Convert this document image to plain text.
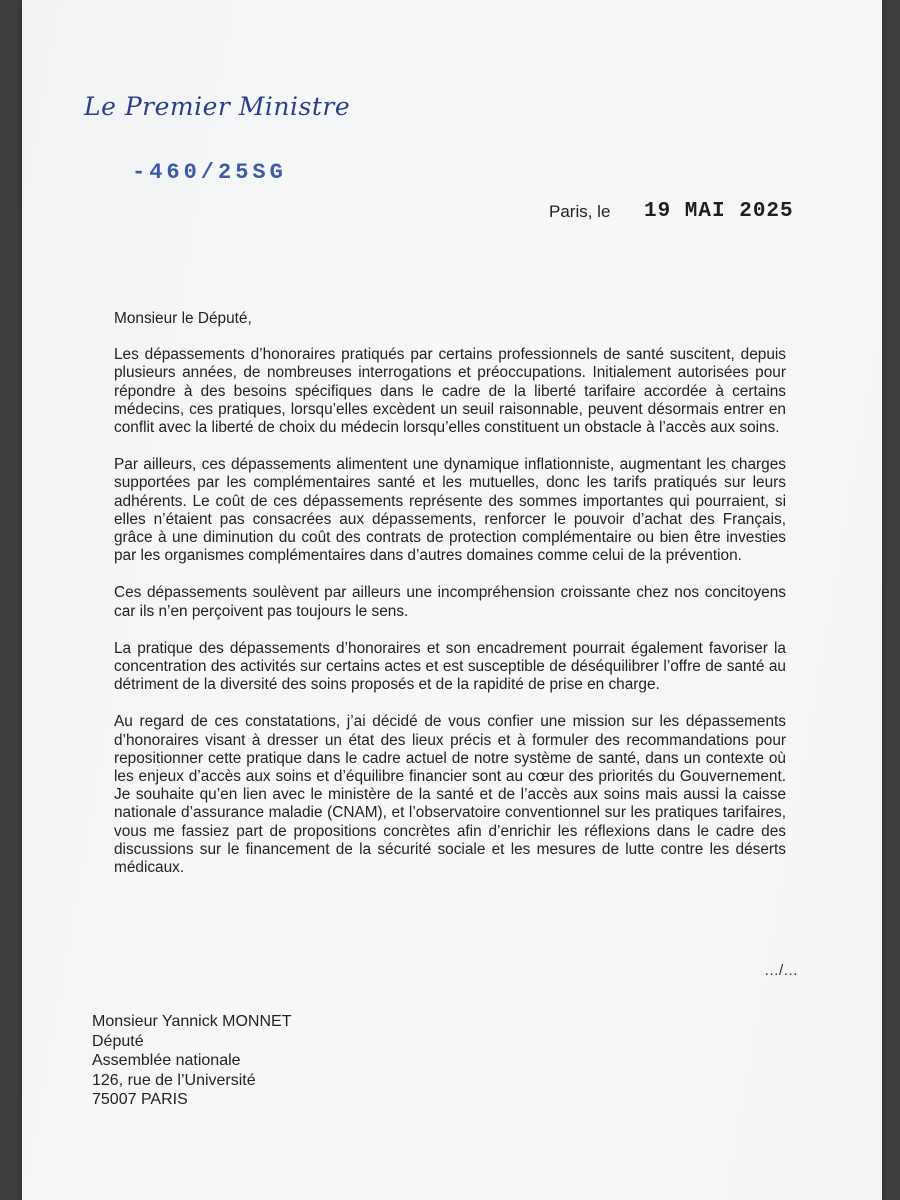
Le Premier Ministre
-460/25SG
Paris, le 19 MAI 2025
Monsieur le Député,

Les dépassements d’honoraires pratiqués par certains professionnels de santé suscitent, depuis plusieurs années, de nombreuses interrogations et préoccupations. Initialement autorisées pour répondre à des besoins spécifiques dans le cadre de la liberté tarifaire accordée à certains médecins, ces pratiques, lorsqu’elles excèdent un seuil raisonnable, peuvent désormais entrer en conflit avec la liberté de choix du médecin lorsqu’elles constituent un obstacle à l’accès aux soins.

Par ailleurs, ces dépassements alimentent une dynamique inflationniste, augmentant les charges supportées par les complémentaires santé et les mutuelles, donc les tarifs pratiqués sur leurs adhérents. Le coût de ces dépassements représente des sommes importantes qui pourraient, si elles n’étaient pas consacrées aux dépassements, renforcer le pouvoir d’achat des Français, grâce à une diminution du coût des contrats de protection complémentaire ou bien être investies par les organismes complémentaires dans d’autres domaines comme celui de la prévention.

Ces dépassements soulèvent par ailleurs une incompréhension croissante chez nos concitoyens car ils n’en perçoivent pas toujours le sens.

La pratique des dépassements d’honoraires et son encadrement pourrait également favoriser la concentration des activités sur certains actes et est susceptible de déséquilibrer l’offre de santé au détriment de la diversité des soins proposés et de la rapidité de prise en charge.

Au regard de ces constatations, j’ai décidé de vous confier une mission sur les dépassements d’honoraires visant à dresser un état des lieux précis et à formuler des recommandations pour repositionner cette pratique dans le cadre actuel de notre système de santé, dans un contexte où les enjeux d’accès aux soins et d’équilibre financier sont au cœur des priorités du Gouvernement. Je souhaite qu’en lien avec le ministère de la santé et de l’accès aux soins mais aussi la caisse nationale d’assurance maladie (CNAM), et l’observatoire conventionnel sur les pratiques tarifaires, vous me fassiez part de propositions concrètes afin d’enrichir les réflexions dans le cadre des discussions sur le financement de la sécurité sociale et les mesures de lutte contre les déserts médicaux.

…/…
Monsieur Yannick MONNET
Député
Assemblée nationale
126, rue de l’Université
75007 PARIS
